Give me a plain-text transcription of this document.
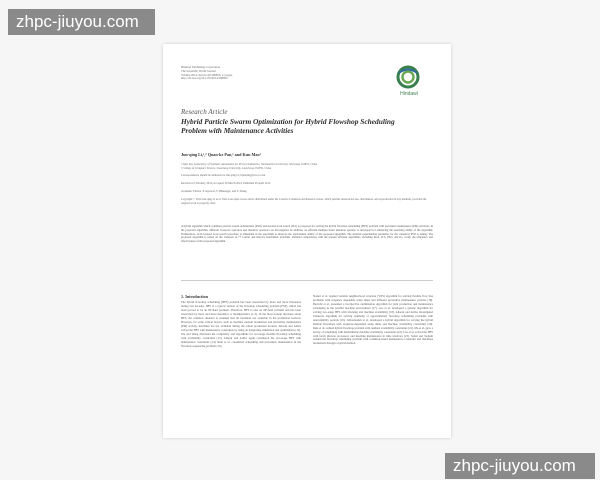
zhpc-jiuyou.com
zhpc-jiuyou.com
Hindawi Publishing Corporation
The Scientific World Journal
Volume 2014, Article ID 596850, 11 pages
http://dx.doi.org/10.1155/2014/596850
Hindawi
Research Article
Hybrid Particle Swarm Optimization for Hybrid Flowshop Scheduling Problem with Maintenance Activities
Jun-qing Li,¹,² Quan-ke Pan,¹ and Kun Mao¹
¹ State Key Laboratory of Synthetic Automation for Process Industries, Northeastern University, Shenyang 110819, China
² College of Computer Science, Liaocheng University, Liaocheng 252059, China
Correspondence should be addressed to Jun-qing Li; lijunqing@lcu-cs.com
Received 21 February 2014; Accepted 30 March 2014; Published 29 April 2014
Academic Editors: P. Agarwal, V. Bhatnagar, and Y. Zhang
Copyright © 2014 Jun-qing Li et al. This is an open access article distributed under the Creative Commons Attribution License, which permits unrestricted use, distribution, and reproduction in any medium, provided the original work is properly cited.
A hybrid algorithm which combines particle swarm optimization (PSO) and iterated local search (ILS) is proposed for solving the hybrid flowshop scheduling (HFS) problem with preventive maintenance (PM) activities. In the proposed algorithm, different crossover operators and mutation operators are investigated. In addition, an efficient multiple insert mutation operator is developed for enhancing the searching ability of the algorithm. Furthermore, an ILS-based local search procedure is embedded in the algorithm to improve the exploitation ability of the proposed algorithm. The detailed experimental parameter for the canonical PSO is tuning. The proposed algorithm is tested on the variation of 77 Carlier and Néron's benchmark problems. Detailed comparisons with the present efficient algorithms, including hGA, ILS, PSO, and IG, verify the efficiency and effectiveness of the proposed algorithm.
1. Introduction
The hybrid flowshop scheduling (HFS) problem has been researched by more and more literatures during last decades. HFS is a typical version of the flowshop scheduling problem (FSP), which has been proved to be an NP-hard problem. Therefore, HFS is also an NP-hard problem and has been researched by more and more heuristics or metaheuristics [1–5]. In the most present literature about HFS, the common situation is assumed that all machines are available in the production horizon. However, for some critical factors, such as machine random breakdown and preventive maintenance (PM) activity, machines are not available during the whole production horizon. Allaoui and Artiba solved the HFS with maintenance constraints by using an integrating simulation and optimization [12]. Xie and Wang discussed the complexity and algorithms for two-stage flexible flowshop scheduling with availability constraints [13]. Allaoui and Artiba again considered the two-stage HFS with maintenance constraints [14]. Ruiz et al. considered scheduling and preventive maintenance in the flowshop sequencing problem [15].
Naderi et al. applied variable neighborhood structure (VNS) algorithm for solving flexible flow line problems with sequence dependent setup times and different preventive maintenance policies [16]. Berrichi et al. presented a bi-objective optimization algorithm for joint production and maintenance scheduling in the parallel machine environment [17]. Luo et al. developed a genetic algorithm for solving two-stage HFS with blocking and machine availability [18]. Allaoui and Artiba investigated Johnson's algorithm for solving optimally or approximately flowshop scheduling problems with unavailability periods [19]. Jabbarizadeh et al. developed a hybrid algorithm for solving the hybrid flexible flowshops with sequence-dependent setup times and machine availability constraints [20]. Ruiz et al. tackled hybrid flowshop problem with rentheal availability constraints [21]. Ma et al. gave a survey of scheduling with deterministic machine availability constraints [22]. Luo et al. solved the HFS with batch discrete processors and machine maintenance in time windows [23]. Safari and Sadjadi tackled the flowshop scheduling problem with condition-based maintenance constraint and machines breakdown through a hybrid method.
